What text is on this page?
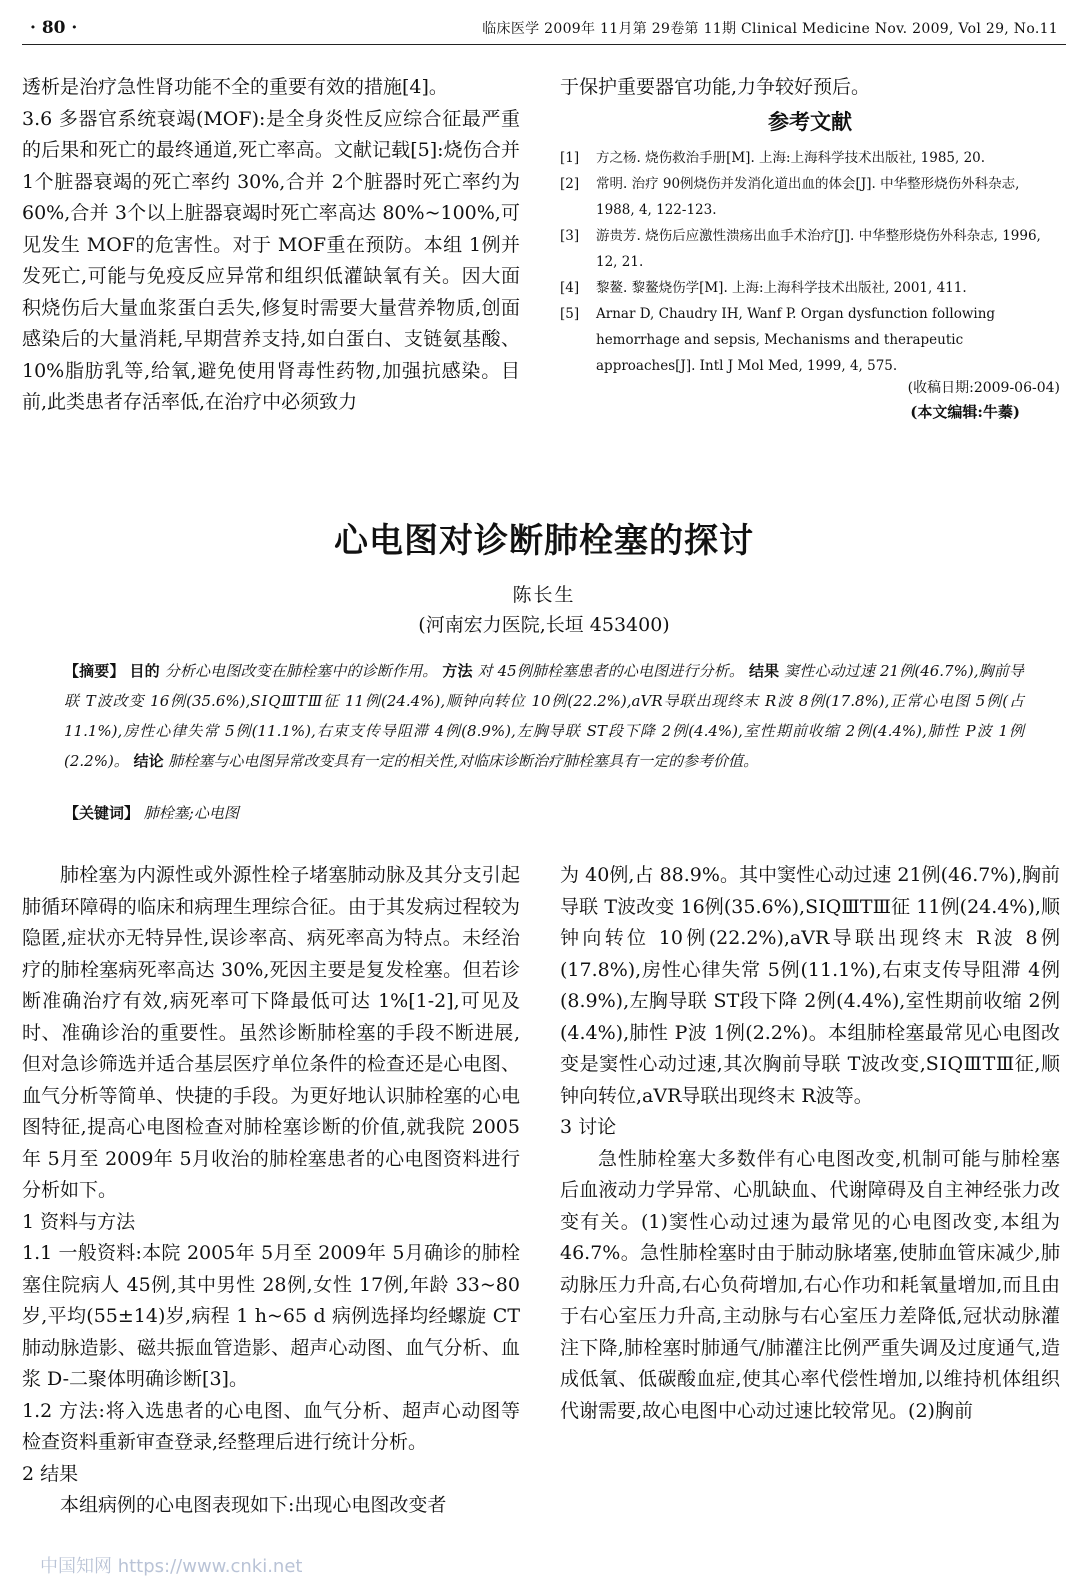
· 80 ·	临床医学 2009年 11月第 29卷第 11期 Clinical Medicine Nov. 2009, Vol 29, No.11

透析是治疗急性肾功能不全的重要有效的措施[4]。

3.6 多器官系统衰竭(MOF):是全身炎性反应综合征最严重的后果和死亡的最终通道,死亡率高。文献记载[5]:烧伤合并 1个脏器衰竭的死亡率约 30%,合并 2个脏器时死亡率约为 60%,合并 3个以上脏器衰竭时死亡率高达 80%~100%,可见发生 MOF的危害性。对于 MOF重在预防。本组 1例并发死亡,可能与免疫反应异常和组织低灌缺氧有关。因大面积烧伤后大量血浆蛋白丢失,修复时需要大量营养物质,创面感染后的大量消耗,早期营养支持,如白蛋白、支链氨基酸、10%脂肪乳等,给氧,避免使用肾毒性药物,加强抗感染。目前,此类患者存活率低,在治疗中必须致力

于保护重要器官功能,力争较好预后。

参考文献
[1]	方之杨. 烧伤救治手册[M]. 上海:上海科学技术出版社, 1985, 20.
[2]	常明. 治疗 90例烧伤并发消化道出血的体会[J]. 中华整形烧伤外科杂志, 1988, 4, 122-123.
[3]	游贵芳. 烧伤后应激性溃疡出血手术治疗[J]. 中华整形烧伤外科杂志, 1996, 12, 21.
[4]	黎鳌. 黎鳌烧伤学[M]. 上海:上海科学技术出版社, 2001, 411.
[5]	Arnar D, Chaudry IH, Wanf P. Organ dysfunction following hemorrhage and sepsis, Mechanisms and therapeutic approaches[J]. Intl J Mol Med, 1999, 4, 575.
(收稿日期:2009-06-04)
(本文编辑:牛蓁)
心电图对诊断肺栓塞的探讨
陈长生
(河南宏力医院,长垣 453400)
【摘要】 目的 分析心电图改变在肺栓塞中的诊断作用。 方法 对 45例肺栓塞患者的心电图进行分析。 结果 窦性心动过速 21例(46.7%),胸前导联 T波改变 16例(35.6%),SⅠQⅢTⅢ征 11例(24.4%),顺钟向转位 10例(22.2%),aVR导联出现终末 R波 8例(17.8%),正常心电图 5例(占 11.1%),房性心律失常 5例(11.1%),右束支传导阻滞 4例(8.9%),左胸导联 ST段下降 2例(4.4%),室性期前收缩 2例(4.4%),肺性 P波 1例(2.2%)。 结论 肺栓塞与心电图异常改变具有一定的相关性,对临床诊断治疗肺栓塞具有一定的参考价值。
【关键词】 肺栓塞;心电图

肺栓塞为内源性或外源性栓子堵塞肺动脉及其分支引起肺循环障碍的临床和病理生理综合征。由于其发病过程较为隐匿,症状亦无特异性,误诊率高、病死率高为特点。未经治疗的肺栓塞病死率高达 30%,死因主要是复发栓塞。但若诊断准确治疗有效,病死率可下降最低可达 1%[1-2],可见及时、准确诊治的重要性。虽然诊断肺栓塞的手段不断进展,但对急诊筛选并适合基层医疗单位条件的检查还是心电图、血气分析等简单、快捷的手段。为更好地认识肺栓塞的心电图特征,提高心电图检查对肺栓塞诊断的价值,就我院 2005年 5月至 2009年 5月收治的肺栓塞患者的心电图资料进行分析如下。

1 资料与方法

1.1 一般资料:本院 2005年 5月至 2009年 5月确诊的肺栓塞住院病人 45例,其中男性 28例,女性 17例,年龄 33~80岁,平均(55±14)岁,病程 1 h~65 d 病例选择均经螺旋 CT肺动脉造影、磁共振血管造影、超声心动图、血气分析、血浆 D-二聚体明确诊断[3]。

1.2 方法:将入选患者的心电图、血气分析、超声心动图等检查资料重新审查登录,经整理后进行统计分析。

2 结果

本组病例的心电图表现如下:出现心电图改变者

为 40例,占 88.9%。其中窦性心动过速 21例(46.7%),胸前导联 T波改变 16例(35.6%),SⅠQⅢTⅢ征 11例(24.4%),顺钟向转位 10例(22.2%),aVR导联出现终末 R波 8例(17.8%),房性心律失常 5例(11.1%),右束支传导阻滞 4例(8.9%),左胸导联 ST段下降 2例(4.4%),室性期前收缩 2例(4.4%),肺性 P波 1例(2.2%)。本组肺栓塞最常见心电图改变是窦性心动过速,其次胸前导联 T波改变,SⅠQⅢTⅢ征,顺钟向转位,aVR导联出现终末 R波等。

3 讨论

急性肺栓塞大多数伴有心电图改变,机制可能与肺栓塞后血液动力学异常、心肌缺血、代谢障碍及自主神经张力改变有关。(1)窦性心动过速为最常见的心电图改变,本组为 46.7%。急性肺栓塞时由于肺动脉堵塞,使肺血管床减少,肺动脉压力升高,右心负荷增加,右心作功和耗氧量增加,而且由于右心室压力升高,主动脉与右心室压力差降低,冠状动脉灌注下降,肺栓塞时肺通气/肺灌注比例严重失调及过度通气,造成低氧、低碳酸血症,使其心率代偿性增加,以维持机体组织代谢需要,故心电图中心动过速比较常见。(2)胸前

中国知网 https://www.cnki.net
